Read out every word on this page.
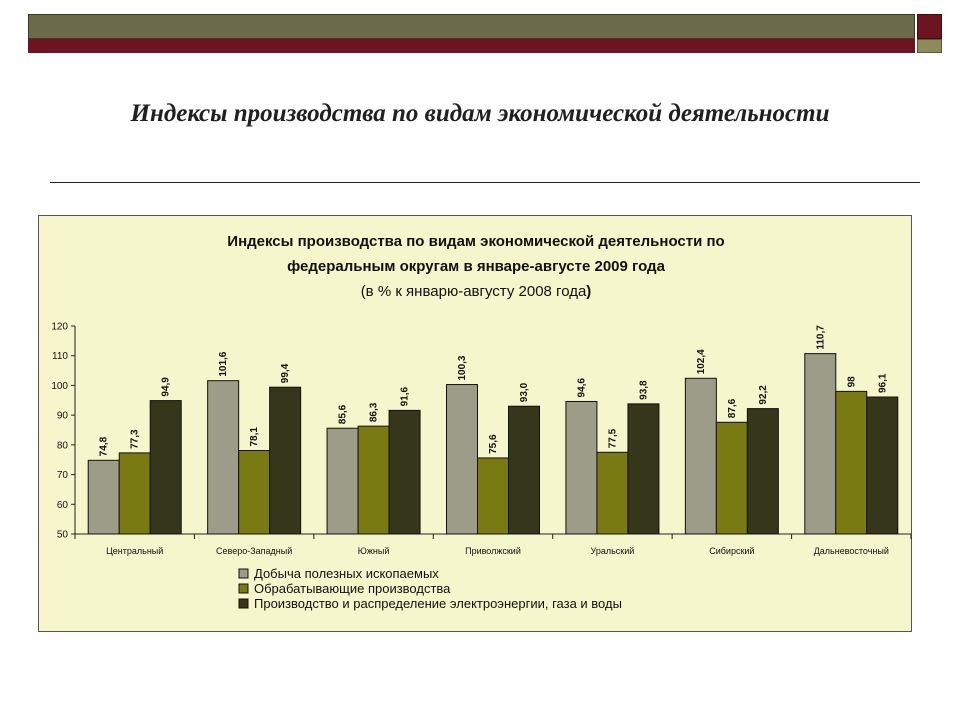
Индексы производства по видам экономической деятельности
Индексы производства по видам экономической деятельности по
федеральным округам в январе-августе 2009 года
(в % к январю-августу 2008 года)
50
60
70
80
90
100
110
120
74,8 77,3
94,9
Центральный
101,6
78,1
99,4
Северо-Западный
85,6 86,3
91,6
Южный
100,3
75,6
93,0
Приволжский
94,6
77,5
93,8
Уральский
102,4
87,6
92,2
Сибирский
110,7
98 96,1
Дальневосточный
Добыча полезных ископаемых
Обрабатывающие производства
Производство и распределение электроэнергии, газа и воды
